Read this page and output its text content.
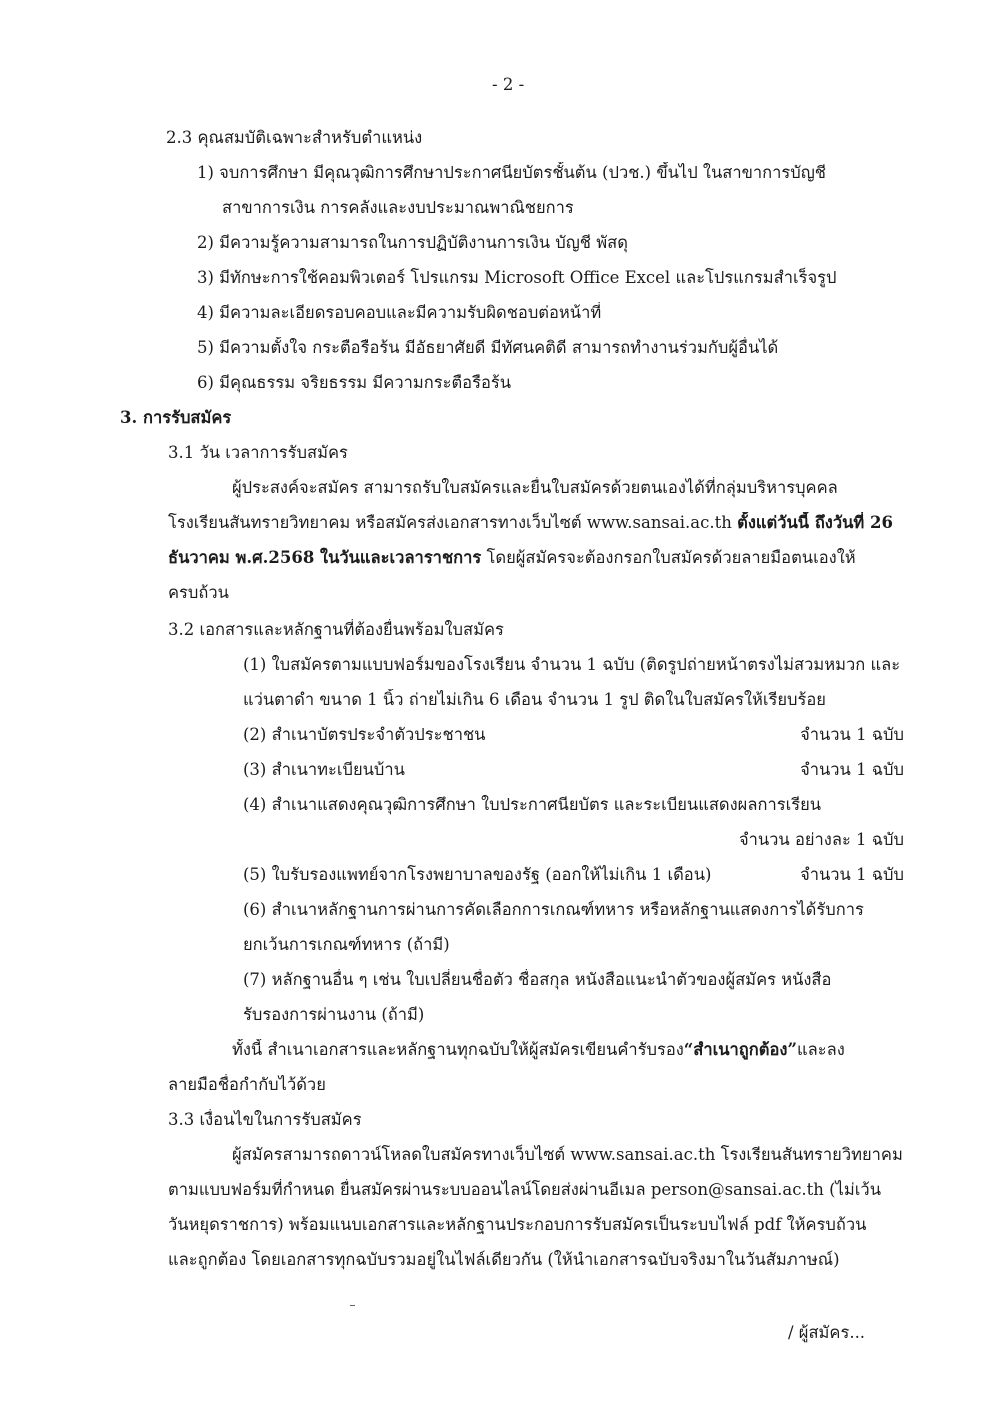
- 2 -
2.3 คุณสมบัติเฉพาะสำหรับตำแหน่ง
1) จบการศึกษา มีคุณวุฒิการศึกษาประกาศนียบัตรชั้นต้น (ปวช.) ขึ้นไป ในสาขาการบัญชี
สาขาการเงิน การคลังและงบประมาณพาณิชยการ
2) มีความรู้ความสามารถในการปฏิบัติงานการเงิน บัญชี พัสดุ
3) มีทักษะการใช้คอมพิวเตอร์ โปรแกรม Microsoft Office Excel และโปรแกรมสำเร็จรูป
4) มีความละเอียดรอบคอบและมีความรับผิดชอบต่อหน้าที่
5) มีความตั้งใจ กระตือรือร้น มีอัธยาศัยดี มีทัศนคติดี สามารถทำงานร่วมกับผู้อื่นได้
6) มีคุณธรรม จริยธรรม มีความกระตือรือร้น
3. การรับสมัคร
3.1 วัน เวลาการรับสมัคร
ผู้ประสงค์จะสมัคร สามารถรับใบสมัครและยื่นใบสมัครด้วยตนเองได้ที่กลุ่มบริหารบุคคล
โรงเรียนสันทรายวิทยาคม หรือสมัครส่งเอกสารทางเว็บไซต์ www.sansai.ac.th ตั้งแต่วันนี้ ถึงวันที่ 26
ธันวาคม พ.ศ.2568 ในวันและเวลาราชการ โดยผู้สมัครจะต้องกรอกใบสมัครด้วยลายมือตนเองให้
ครบถ้วน
3.2 เอกสารและหลักฐานที่ต้องยื่นพร้อมใบสมัคร
(1) ใบสมัครตามแบบฟอร์มของโรงเรียน จำนวน 1 ฉบับ (ติดรูปถ่ายหน้าตรงไม่สวมหมวก และ
แว่นตาดำ ขนาด 1 นิ้ว ถ่ายไม่เกิน 6 เดือน จำนวน 1 รูป ติดในใบสมัครให้เรียบร้อย
(2) สำเนาบัตรประจำตัวประชาชน	จำนวน 1 ฉบับ
(3) สำเนาทะเบียนบ้าน	จำนวน 1 ฉบับ
(4) สำเนาแสดงคุณวุฒิการศึกษา ใบประกาศนียบัตร และระเบียนแสดงผลการเรียน
จำนวน อย่างละ 1 ฉบับ
(5) ใบรับรองแพทย์จากโรงพยาบาลของรัฐ (ออกให้ไม่เกิน 1 เดือน)	จำนวน 1 ฉบับ
(6) สำเนาหลักฐานการผ่านการคัดเลือกการเกณฑ์ทหาร หรือหลักฐานแสดงการได้รับการ
ยกเว้นการเกณฑ์ทหาร (ถ้ามี)
(7) หลักฐานอื่น ๆ เช่น ใบเปลี่ยนชื่อตัว ชื่อสกุล หนังสือแนะนำตัวของผู้สมัคร หนังสือ
รับรองการผ่านงาน (ถ้ามี)
ทั้งนี้ สำเนาเอกสารและหลักฐานทุกฉบับให้ผู้สมัครเขียนคำรับรอง“สำเนาถูกต้อง”และลง
ลายมือชื่อกำกับไว้ด้วย
3.3 เงื่อนไขในการรับสมัคร
ผู้สมัครสามารถดาวน์โหลดใบสมัครทางเว็บไซต์ www.sansai.ac.th โรงเรียนสันทรายวิทยาคม
ตามแบบฟอร์มที่กำหนด ยื่นสมัครผ่านระบบออนไลน์โดยส่งผ่านอีเมล person@sansai.ac.th (ไม่เว้น
วันหยุดราชการ) พร้อมแนบเอกสารและหลักฐานประกอบการรับสมัครเป็นระบบไฟล์ pdf ให้ครบถ้วน
และถูกต้อง โดยเอกสารทุกฉบับรวมอยู่ในไฟล์เดียวกัน (ให้นำเอกสารฉบับจริงมาในวันสัมภาษณ์)
/ ผู้สมัคร...
